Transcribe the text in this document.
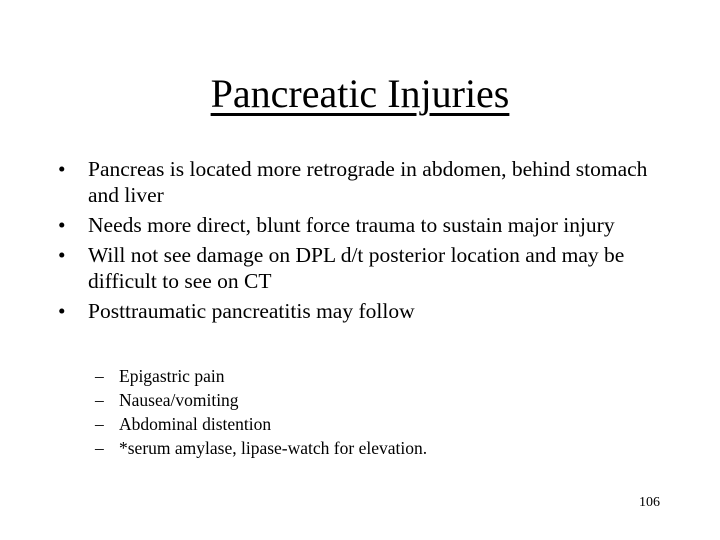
Pancreatic Injuries
•	Pancreas is located more retrograde in abdomen, behind stomach and liver
•	Needs more direct, blunt force trauma to sustain major injury
•	Will not see damage on DPL d/t posterior location and may be difficult to see on CT
•	Posttraumatic pancreatitis may follow
– Epigastric pain
– Nausea/vomiting
– Abdominal distention
– *serum amylase, lipase-watch for elevation.
106
